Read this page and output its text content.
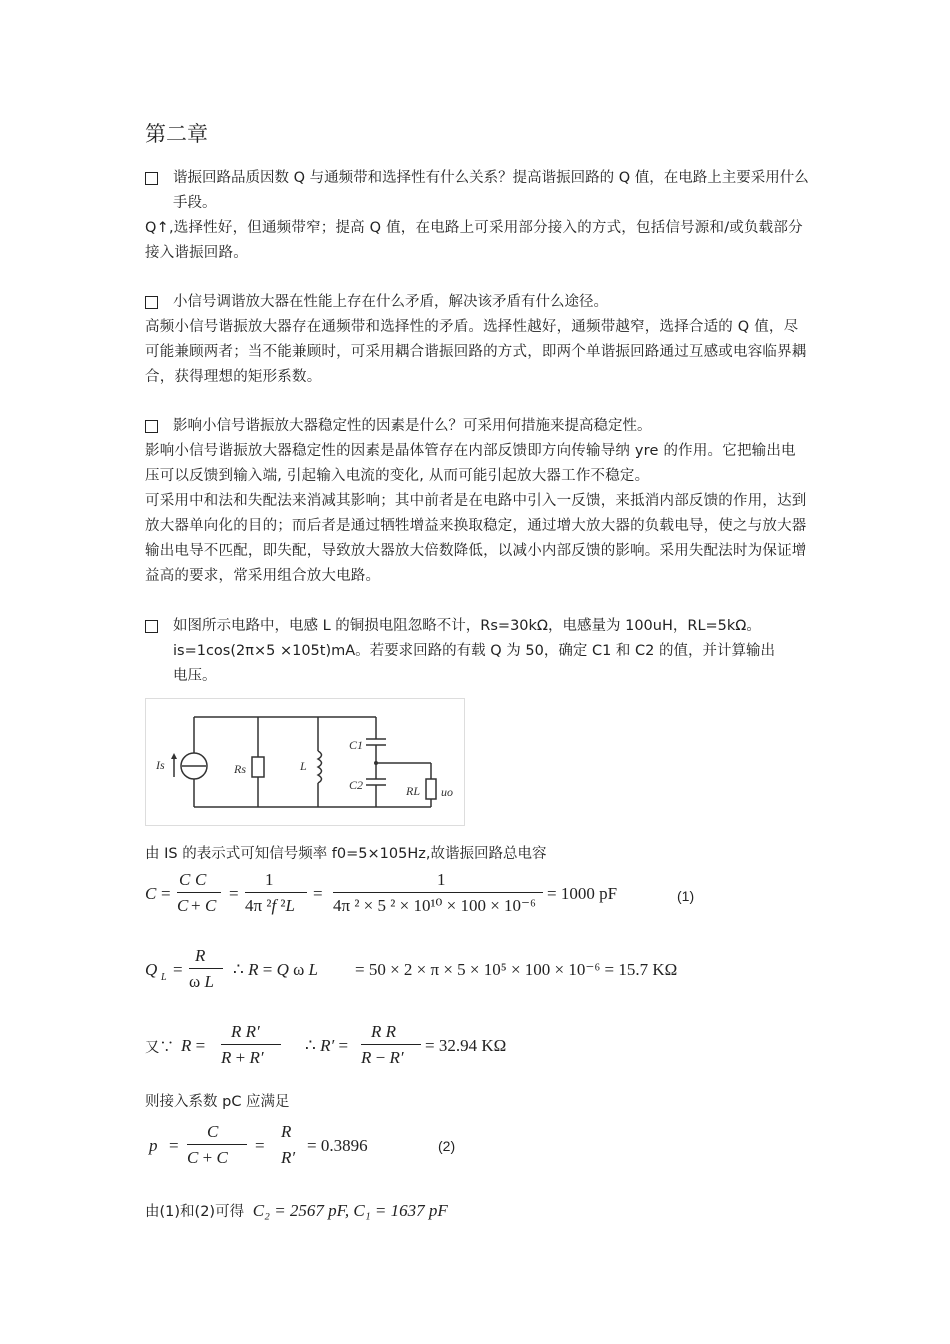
第二章
谐振回路品质因数 Q 与通频带和选择性有什么关系？提高谐振回路的 Q 值，在电路上主要采用什么手段。
Q↑,选择性好，但通频带窄；提高 Q 值，在电路上可采用部分接入的方式，包括信号源和/或负载部分接入谐振回路。
小信号调谐放大器在性能上存在什么矛盾，解决该矛盾有什么途径。
高频小信号谐振放大器存在通频带和选择性的矛盾。选择性越好，通频带越窄，选择合适的 Q 值，尽可能兼顾两者；当不能兼顾时，可采用耦合谐振回路的方式，即两个单谐振回路通过互感或电容临界耦合，获得理想的矩形系数。
影响小信号谐振放大器稳定性的因素是什么？可采用何措施来提高稳定性。
影响小信号谐振放大器稳定性的因素是晶体管存在内部反馈即方向传输导纳 yre 的作用。它把输出电压可以反馈到输入端, 引起输入电流的变化, 从而可能引起放大器工作不稳定。
可采用中和法和失配法来消减其影响；其中前者是在电路中引入一反馈，来抵消内部反馈的作用，达到放大器单向化的目的；而后者是通过牺牲增益来换取稳定，通过增大放大器的负载电导，使之与放大器输出电导不匹配，即失配，导致放大器放大倍数降低，以减小内部反馈的影响。采用失配法时为保证增益高的要求，常采用组合放大电路。
如图所示电路中，电感 L 的铜损电阻忽略不计，Rs=30kΩ，电感量为 100uH，RL=5kΩ。
is=1cos(2π×5 ×105t)mA。若要求回路的有载 Q 为 50，确定 C1 和 C2 的值，并计算输出
电压。
Is	Rs	L
C1
C2	RL uo
由 IS 的表示式可知信号频率 f0=5×105Hz,故谐振回路总电容
C =
C C
C + C
=
1
4π ²f ²L
=
1
4π ² × 5 ² × 10¹⁰ × 100 × 10⁻⁶
= 1000 pF	(1)
Q L =
R
ω L
∴ R = Q ω L = 50 × 2 × π × 5 × 10⁵ × 100 × 10⁻⁶ = 15.7 KΩ
又∵ R =
R R′
R + R′
∴ R′ =
R R
R − R′
= 32.94 KΩ
则接入系数 pC 应满足
p =
C
C + C
=
R
R′
= 0.3896	(2)
由(1)和(2)可得 C₂ = 2567 pF, C₁ = 1637 pF
